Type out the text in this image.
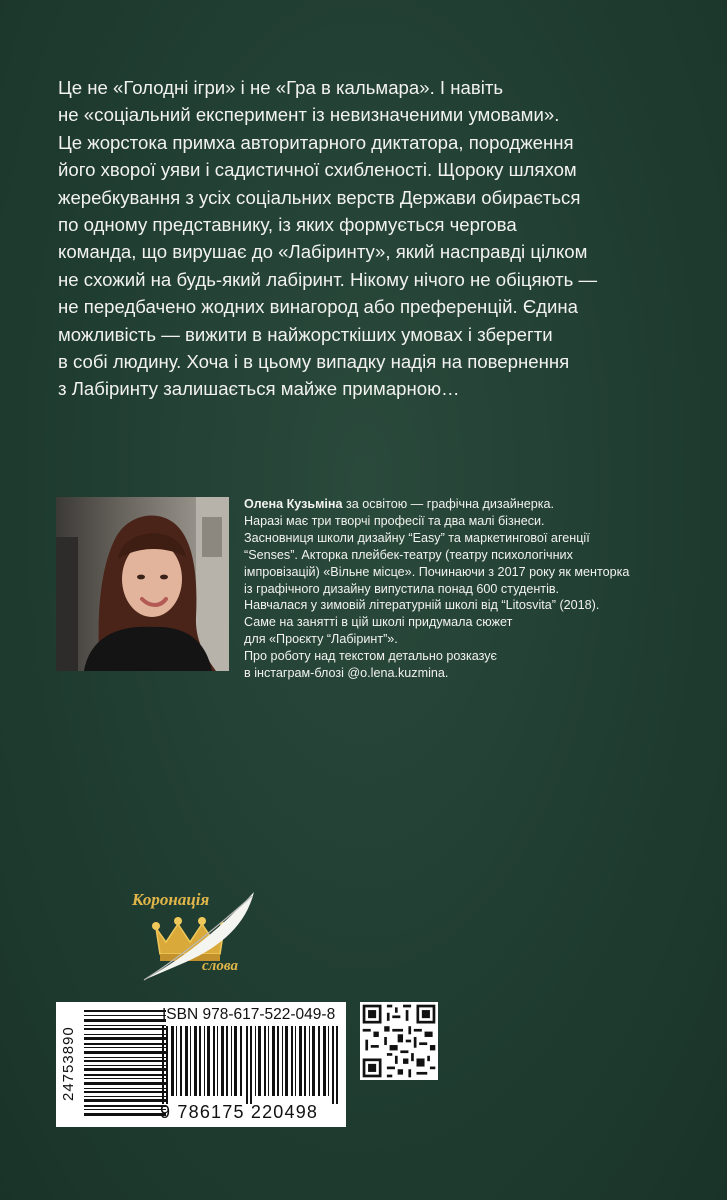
Це не «Голодні ігри» і не «Гра в кальмара». І навіть
не «соціальний експеримент із невизначеними умовами».
Це жорстока примха авторитарного диктатора, породження
його хворої уяви і садистичної схибленості. Щороку шляхом
жеребкування з усіх соціальних верств Держави обирається
по одному представнику, із яких формується чергова
команда, що вирушає до «Лабіринту», який насправді цілком
не схожий на будь-який лабіринт. Нікому нічого не обіцяють —
не передбачено жодних винагород або преференцій. Єдина
можливість — вижити в найжорсткіших умовах і зберегти
в собі людину. Хоча і в цьому випадку надія на повернення
з Лабіринту залишається майже примарною…
Олена Кузьміна за освітою — графічна дизайнерка.
Наразі має три творчі професії та два малі бізнеси.
Засновниця школи дизайну “Easy” та маркетингової агенції
“Senses”. Акторка плейбек-театру (театру психологічних
імпровізацій) «Вільне місце». Починаючи з 2017 року як менторка
із графічного дизайну випустила понад 600 студентів.
Навчалася у зимовій літературній школі від “Litosvita” (2018).
Саме на занятті в цій школі придумала сюжет
для «Проєкту “Лабіринт”».
Про роботу над текстом детально розказує
в інстаграм-блозі @o.lena.kuzmina.
Коронація
слова
24753890
ISBN 978-617-522-049-8
9 786175 220498
